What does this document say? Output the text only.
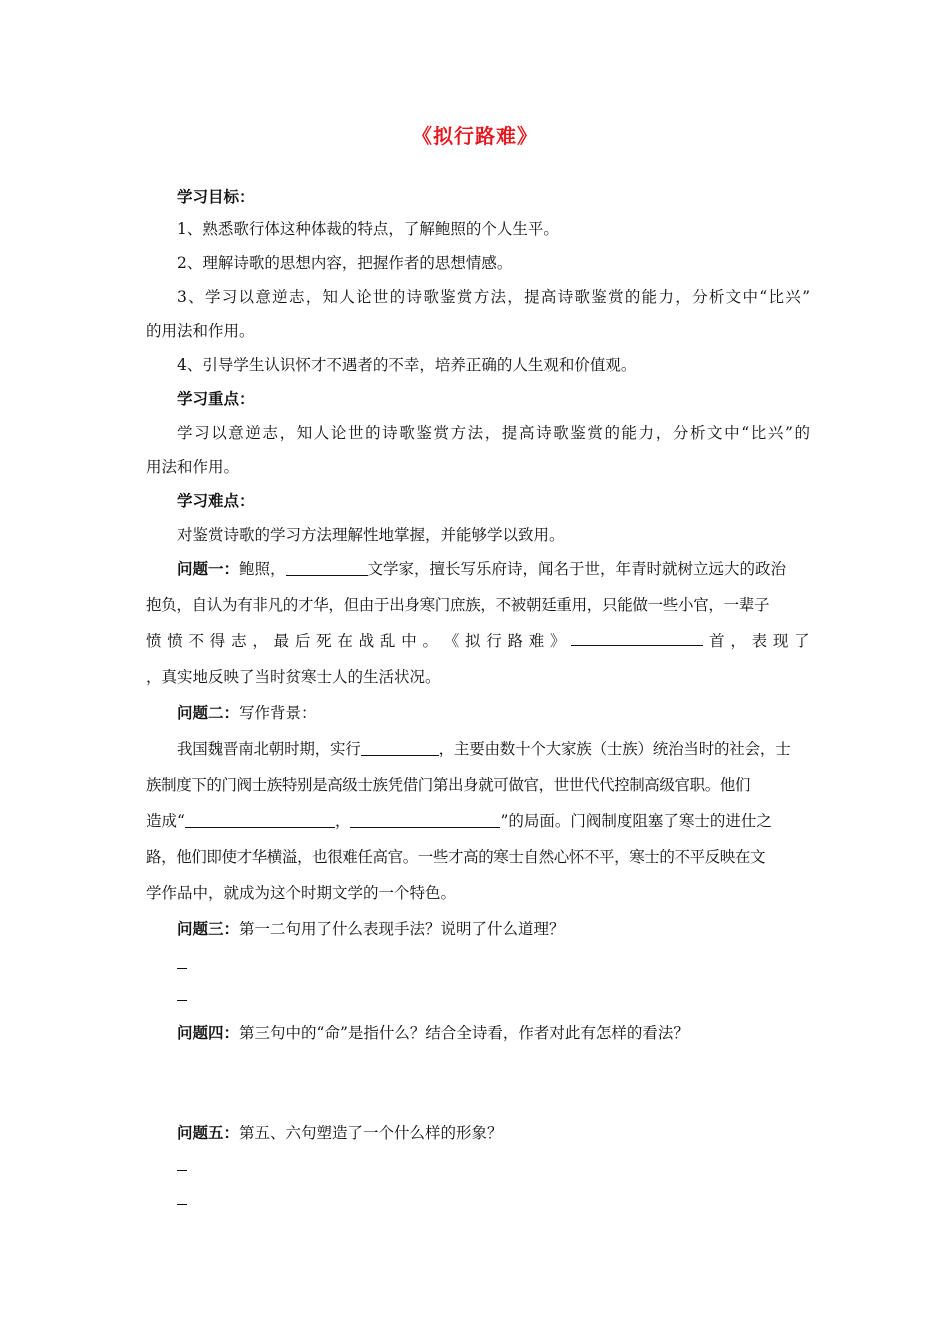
《拟行路难》
学习目标：
1、熟悉歌行体这种体裁的特点，了解鲍照的个人生平。
2、理解诗歌的思想内容，把握作者的思想情感。
3、学习以意逆志，知人论世的诗歌鉴赏方法，提高诗歌鉴赏的能力，分析文中“比兴”
的用法和作用。
4、引导学生认识怀才不遇者的不幸，培养正确的人生观和价值观。
学习重点：
学习以意逆志，知人论世的诗歌鉴赏方法，提高诗歌鉴赏的能力，分析文中“比兴”的
用法和作用。
学习难点：
对鉴赏诗歌的学习方法理解性地掌握，并能够学以致用。
问题一：鲍照，	文学家，擅长写乐府诗，闻名于世，年青时就树立远大的政治
抱负，自认为有非凡的才华，但由于出身寒门庶族，不被朝廷重用，只能做一些小官，一辈子
愤 愤 不 得 志 ， 最 后 死 在 战 乱 中 。 《 拟 行 路 难 》	首 ， 表 现 了
，真实地反映了当时贫寒士人的生活状况。
问题二：写作背景：
我国魏晋南北朝时期，实行	，主要由数十个大家族（士族）统治当时的社会，士
族制度下的门阀士族特别是高级士族凭借门第出身就可做官，世世代代控制高级官职。他们
造成“	，	”的局面。门阀制度阻塞了寒士的进仕之
路，他们即使才华横溢，也很难任高官。一些才高的寒士自然心怀不平，寒士的不平反映在文
学作品中，就成为这个时期文学的一个特色。
问题三：第一二句用了什么表现手法？说明了什么道理？
问题四：第三句中的“命”是指什么？结合全诗看，作者对此有怎样的看法？
问题五：第五、六句塑造了一个什么样的形象？
